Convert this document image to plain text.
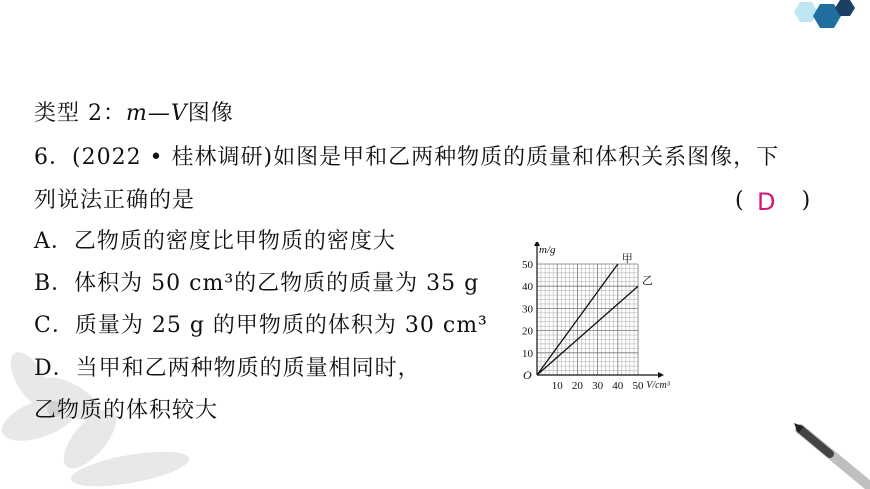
类型 2：m—V图像
6．(2022 • 桂林调研)如图是甲和乙两种物质的质量和体积关系图像，下
列说法正确的是	(	)
D
A．乙物质的密度比甲物质的密度大
B．体积为 50 cm³的乙物质的质量为 35 g
C．质量为 25 g 的甲物质的体积为 30 cm³
D．当甲和乙两种物质的质量相同时，
乙物质的体积较大
10 20 30 40 50
10
20
30
40
50
V/cm³
m/g
O
甲
乙
